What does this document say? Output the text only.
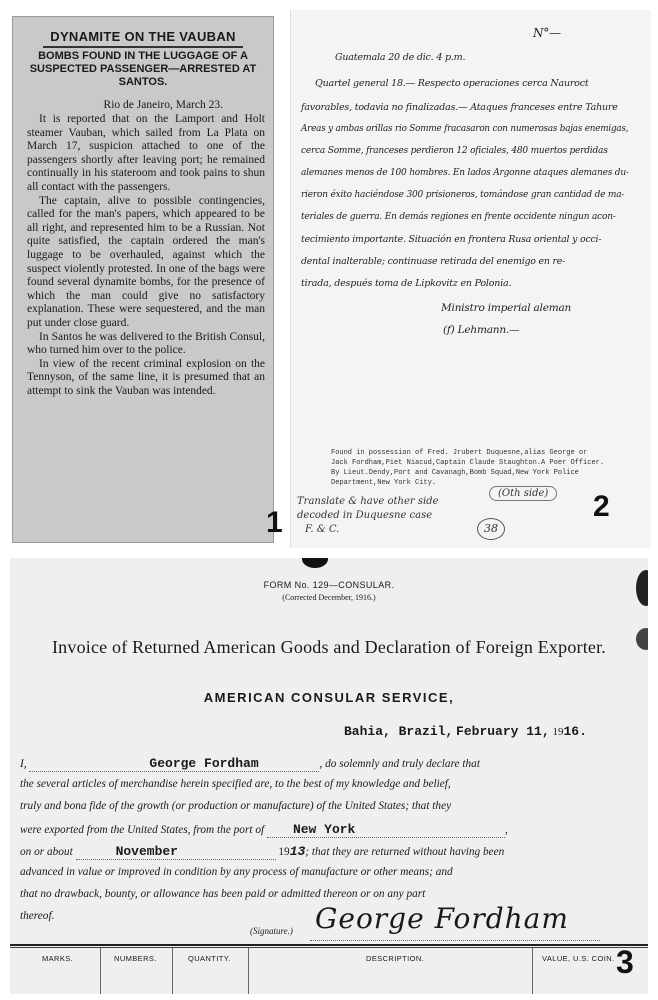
DYNAMITE ON THE VAUBAN
BOMBS FOUND IN THE LUGGAGE OF A SUSPECTED PASSENGER—ARRESTED AT SANTOS.
Rio de Janeiro, March 23.

It is reported that on the Lamport and Holt steamer Vauban, which sailed from La Plata on March 17, suspicion attached to one of the passengers shortly after leaving port; he remained continually in his stateroom and took pains to shun all contact with the passengers.

The captain, alive to possible contingencies, called for the man's papers, which appeared to be all right, and represented him to be a Russian. Not quite satisfied, the captain ordered the man's luggage to be overhauled, against which the suspect violently protested. In one of the bags were found several dynamite bombs, for the presence of which the man could give no satisfactory explanation. These were sequestered, and the man put under close guard.

In Santos he was delivered to the British Consul, who turned him over to the police.

In view of the recent criminal explosion on the Tennyson, of the same line, it is presumed that an attempt to sink the Vauban was intended.

1
N°—
Guatemala 20 de dic. 4 p.m.
Quartel general 18.— Respecto operaciones cerca Nauroct
favorables, todavia no finalizadas.— Ataques franceses entre Tahure
Areas y ambas orillas rio Somme fracasaron con numerosas bajas enemigas,
cerca Somme, franceses perdieron 12 oficiales, 480 muertos perdidas
alemanes menos de 100 hombres. En lados Argonne ataques alemanes du-
rieron éxito haciéndose 300 prisioneros, tomándose gran cantidad de ma-
teriales de guerra. En demás regiones en frente occidente ningun acon-
tecimiento importante. Situación en frontera Rusa oriental y occi-
dental inalterable; continuase retirada del enemigo en re-
tirada, después toma de Lipkovitz en Polonia.
Ministro imperial aleman
(f) Lehmann.—
Found in possession of Fred. Jrubert Duquesne,alias George or
Jack Fordham,Piet Niacud,Captain Claude Staughton.A Poer Officer.
By Lieut.Dendy,Port and Cavanagh,Bomb Squad,New York Police
Department,New York City.
Translate & have other side
decoded in Duquesne case
F. & C.
(Oth side)
38
2
FORM No. 129—CONSULAR.
(Corrected December, 1916.)
Invoice of Returned American Goods and Declaration of Foreign Exporter.
AMERICAN CONSULAR SERVICE,
Bahia, Brazil, February 11, 1916.
I,	George Fordham	, do solemnly and truly declare that
the several articles of merchandise herein specified are, to the best of my knowledge and belief,
truly and bona fide of the growth (or production or manufacture) of the United States; that they
were exported from the United States, from the port of New York	,
on or about	November	1913; that they are returned without having been
advanced in value or improved in condition by any process of manufacture or other means; and
that no drawback, bounty, or allowance has been paid or admitted thereon or on any part
thereof.
(Signature.) George Fordham
MARKS.	NUMBERS.	QUANTITY.	DESCRIPTION.	VALUE, U.S. COIN. 3
